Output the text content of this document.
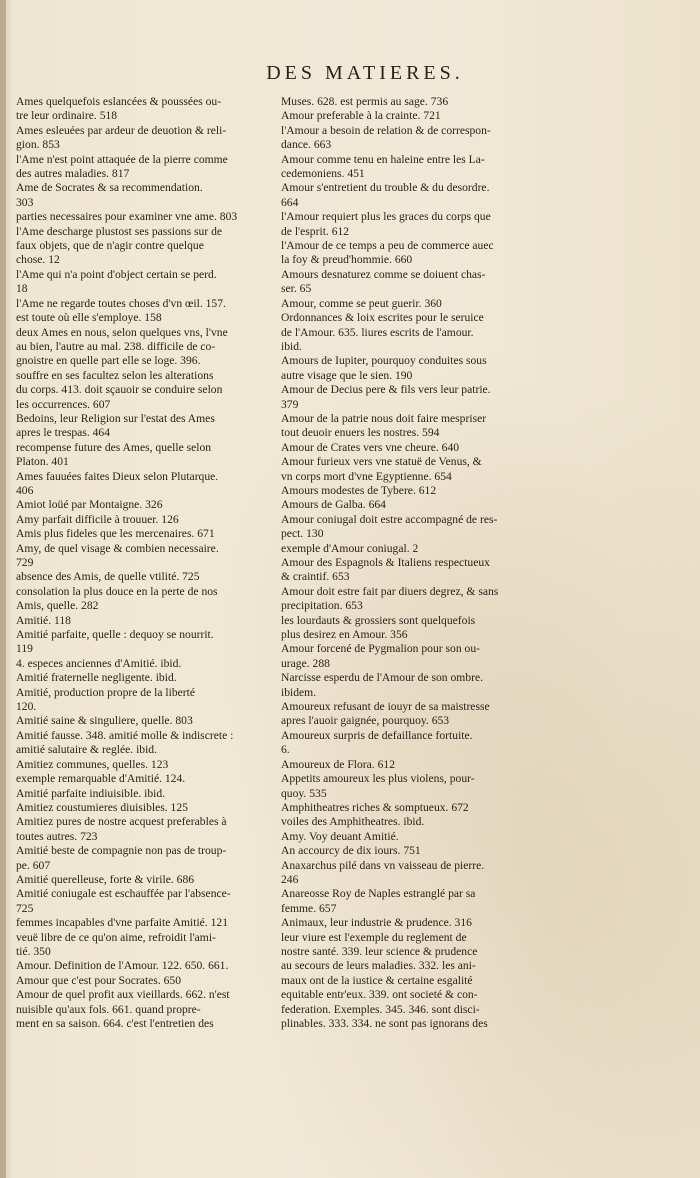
DES MATIERES.

Ames quelquefois eslancées & poussées ou-

tre leur ordinaire. 518

Ames esleuées par ardeur de deuotion & reli-

gion. 853

l'Ame n'est point attaquée de la pierre comme

des autres maladies. 817

Ame de Socrates & sa recommendation.

303

parties necessaires pour examiner vne ame. 803

l'Ame descharge plustost ses passions sur de

faux objets, que de n'agir contre quelque

chose. 12

l'Ame qui n'a point d'object certain se perd.

18

l'Ame ne regarde toutes choses d'vn œil. 157.

est toute où elle s'employe. 158

deux Ames en nous, selon quelques vns, l'vne

au bien, l'autre au mal. 238. difficile de co-

gnoistre en quelle part elle se loge. 396.

souffre en ses facultez selon les alterations

du corps. 413. doit sçauoir se conduire selon

les occurrences. 607

Bedoins, leur Religion sur l'estat des Ames

apres le trespas. 464

recompense future des Ames, quelle selon

Platon. 401

Ames fauuées faites Dieux selon Plutarque.

406

Amiot loüé par Montaigne. 326

Amy parfait difficile à trouuer. 126

Amis plus fideles que les mercenaires. 671

Amy, de quel visage & combien necessaire.

729

absence des Amis, de quelle vtilité. 725

consolation la plus douce en la perte de nos

Amis, quelle. 282

Amitié. 118

Amitié parfaite, quelle : dequoy se nourrit.

119

4. especes anciennes d'Amitié. ibid.

Amitié fraternelle negligente. ibid.

Amitié, production propre de la liberté

120.

Amitié saine & singuliere, quelle. 803

Amitié fausse. 348. amitié molle & indiscrete :

amitié salutaire & reglée. ibid.

Amitiez communes, quelles. 123

exemple remarquable d'Amitié. 124.

Amitié parfaite indiuisible. ibid.

Amitiez coustumieres diuisibles. 125

Amitiez pures de nostre acquest preferables à

toutes autres. 723

Amitié beste de compagnie non pas de troup-

pe. 607

Amitié querelleuse, forte & virile. 686

Amitié coniugale est eschauffée par l'absence-

725

femmes incapables d'vne parfaite Amitié. 121

veuë libre de ce qu'on aime, refroidit l'ami-

tié. 350

Amour. Definition de l'Amour. 122. 650. 661.

Amour que c'est pour Socrates. 650

Amour de quel profit aux vieillards. 662. n'est

nuisible qu'aux fols. 661. quand propre-

ment en sa saison. 664. c'est l'entretien des

Muses. 628. est permis au sage. 736

Amour preferable à la crainte. 721

l'Amour a besoin de relation & de correspon-

dance. 663

Amour comme tenu en haleine entre les La-

cedemoniens. 451

Amour s'entretient du trouble & du desordre.

664

l'Amour requiert plus les graces du corps que

de l'esprit. 612

l'Amour de ce temps a peu de commerce auec

la foy & preud'hommie. 660

Amours desnaturez comme se doiuent chas-

ser. 65

Amour, comme se peut guerir. 360

Ordonnances & loix escrites pour le seruice

de l'Amour. 635. liures escrits de l'amour.

ibid.

Amours de Iupiter, pourquoy conduites sous

autre visage que le sien. 190

Amour de Decius pere & fils vers leur patrie.

379

Amour de la patrie nous doit faire mespriser

tout deuoir enuers les nostres. 594

Amour de Crates vers vne cheure. 640

Amour furieux vers vne statuë de Venus, &

vn corps mort d'vne Egyptienne. 654

Amours modestes de Tybere. 612

Amours de Galba. 664

Amour coniugal doit estre accompagné de res-

pect. 130

exemple d'Amour coniugal. 2

Amour des Espagnols & Italiens respectueux

& craintif. 653

Amour doit estre fait par diuers degrez, & sans

precipitation. 653

les lourdauts & grossiers sont quelquefois

plus desirez en Amour. 356

Amour forcené de Pygmalion pour son ou-

urage. 288

Narcisse esperdu de l'Amour de son ombre.

ibidem.

Amoureux refusant de iouyr de sa maistresse

apres l'auoir gaignée, pourquoy. 653

Amoureux surpris de defaillance fortuite.

6.

Amoureux de Flora. 612

Appetits amoureux les plus violens, pour-

quoy. 535

Amphitheatres riches & somptueux. 672

voiles des Amphitheatres. ibid.

Amy. Voy deuant Amitié.

An accourcy de dix iours. 751

Anaxarchus pilé dans vn vaisseau de pierre.

246

Anareosse Roy de Naples estranglé par sa

femme. 657

Animaux, leur industrie & prudence. 316

leur viure est l'exemple du reglement de

nostre santé. 339. leur science & prudence

au secours de leurs maladies. 332. les ani-

maux ont de la iustice & certaine esgalité

equitable entr'eux. 339. ont societé & con-

federation. Exemples. 345. 346. sont disci-

plinables. 333. 334. ne sont pas ignorans des
